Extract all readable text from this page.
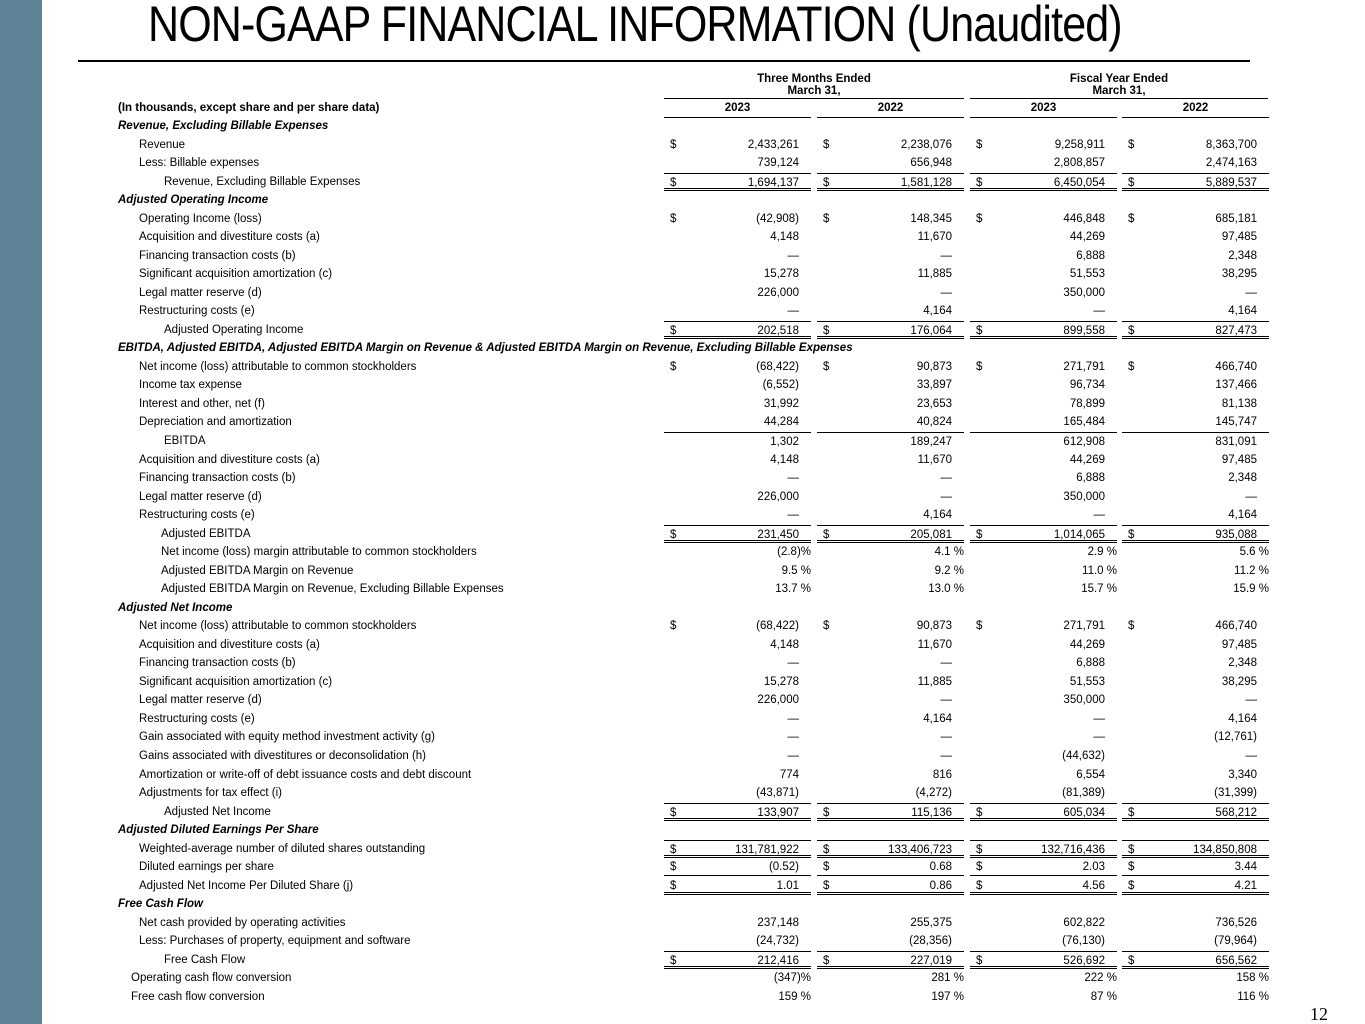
NON-GAAP FINANCIAL INFORMATION (Unaudited)
Three Months Ended
March 31,
Fiscal Year Ended
March 31,
(In thousands, except share and per share data)	2023	2022	2023	2022
Revenue, Excluding Billable Expenses
Revenue	$	2,433,261 $	2,238,076 $	9,258,911 $	8,363,700
Less: Billable expenses	739,124	656,948	2,808,857	2,474,163
Revenue, Excluding Billable Expenses	$	1,694,137 $	1,581,128 $	6,450,054 $	5,889,537
Adjusted Operating Income
Operating Income (loss)	$	(42,908) $	148,345 $	446,848 $	685,181
Acquisition and divestiture costs (a)	4,148	11,670	44,269	97,485
Financing transaction costs (b)	—	—	6,888	2,348
Significant acquisition amortization (c)	15,278	11,885	51,553	38,295
Legal matter reserve (d)	226,000	—	350,000	—
Restructuring costs (e)	—	4,164	—	4,164
Adjusted Operating Income	$	202,518 $	176,064 $	899,558 $	827,473
EBITDA, Adjusted EBITDA, Adjusted EBITDA Margin on Revenue & Adjusted EBITDA Margin on Revenue, Excluding Billable Expenses
Net income (loss) attributable to common stockholders	$	(68,422) $	90,873 $	271,791 $	466,740
Income tax expense	(6,552)	33,897	96,734	137,466
Interest and other, net (f)	31,992	23,653	78,899	81,138
Depreciation and amortization	44,284	40,824	165,484	145,747
EBITDA	1,302	189,247	612,908	831,091
Acquisition and divestiture costs (a)	4,148	11,670	44,269	97,485
Financing transaction costs (b)	—	—	6,888	2,348
Legal matter reserve (d)	226,000	—	350,000	—
Restructuring costs (e)	—	4,164	—	4,164
Adjusted EBITDA	$	231,450 $	205,081 $	1,014,065 $	935,088
Net income (loss) margin attributable to common stockholders	(2.8)%	4.1 %	2.9 %	5.6 %
Adjusted EBITDA Margin on Revenue	9.5 %	9.2 %	11.0 %	11.2 %
Adjusted EBITDA Margin on Revenue, Excluding Billable Expenses	13.7 %	13.0 %	15.7 %	15.9 %
Adjusted Net Income
Net income (loss) attributable to common stockholders	$	(68,422) $	90,873 $	271,791 $	466,740
Acquisition and divestiture costs (a)	4,148	11,670	44,269	97,485
Financing transaction costs (b)	—	—	6,888	2,348
Significant acquisition amortization (c)	15,278	11,885	51,553	38,295
Legal matter reserve (d)	226,000	—	350,000	—
Restructuring costs (e)	—	4,164	—	4,164
Gain associated with equity method investment activity (g)	—	—	—	(12,761)
Gains associated with divestitures or deconsolidation (h)	—	—	(44,632)	—
Amortization or write-off of debt issuance costs and debt discount	774	816	6,554	3,340
Adjustments for tax effect (i)	(43,871)	(4,272)	(81,389)	(31,399)
Adjusted Net Income	$	133,907 $	115,136 $	605,034 $	568,212
Adjusted Diluted Earnings Per Share
Weighted-average number of diluted shares outstanding	$	131,781,922 $	133,406,723 $	132,716,436 $	134,850,808
Diluted earnings per share	$	(0.52) $	0.68 $	2.03 $	3.44
Adjusted Net Income Per Diluted Share (j)	$	1.01 $	0.86 $	4.56 $	4.21
Free Cash Flow
Net cash provided by operating activities	237,148	255,375	602,822	736,526
Less: Purchases of property, equipment and software	(24,732)	(28,356)	(76,130)	(79,964)
Free Cash Flow	$	212,416 $	227,019 $	526,692 $	656,562
Operating cash flow conversion	(347)%	281 %	222 %	158 %
Free cash flow conversion	159 %	197 %	87 %	116 %
12
